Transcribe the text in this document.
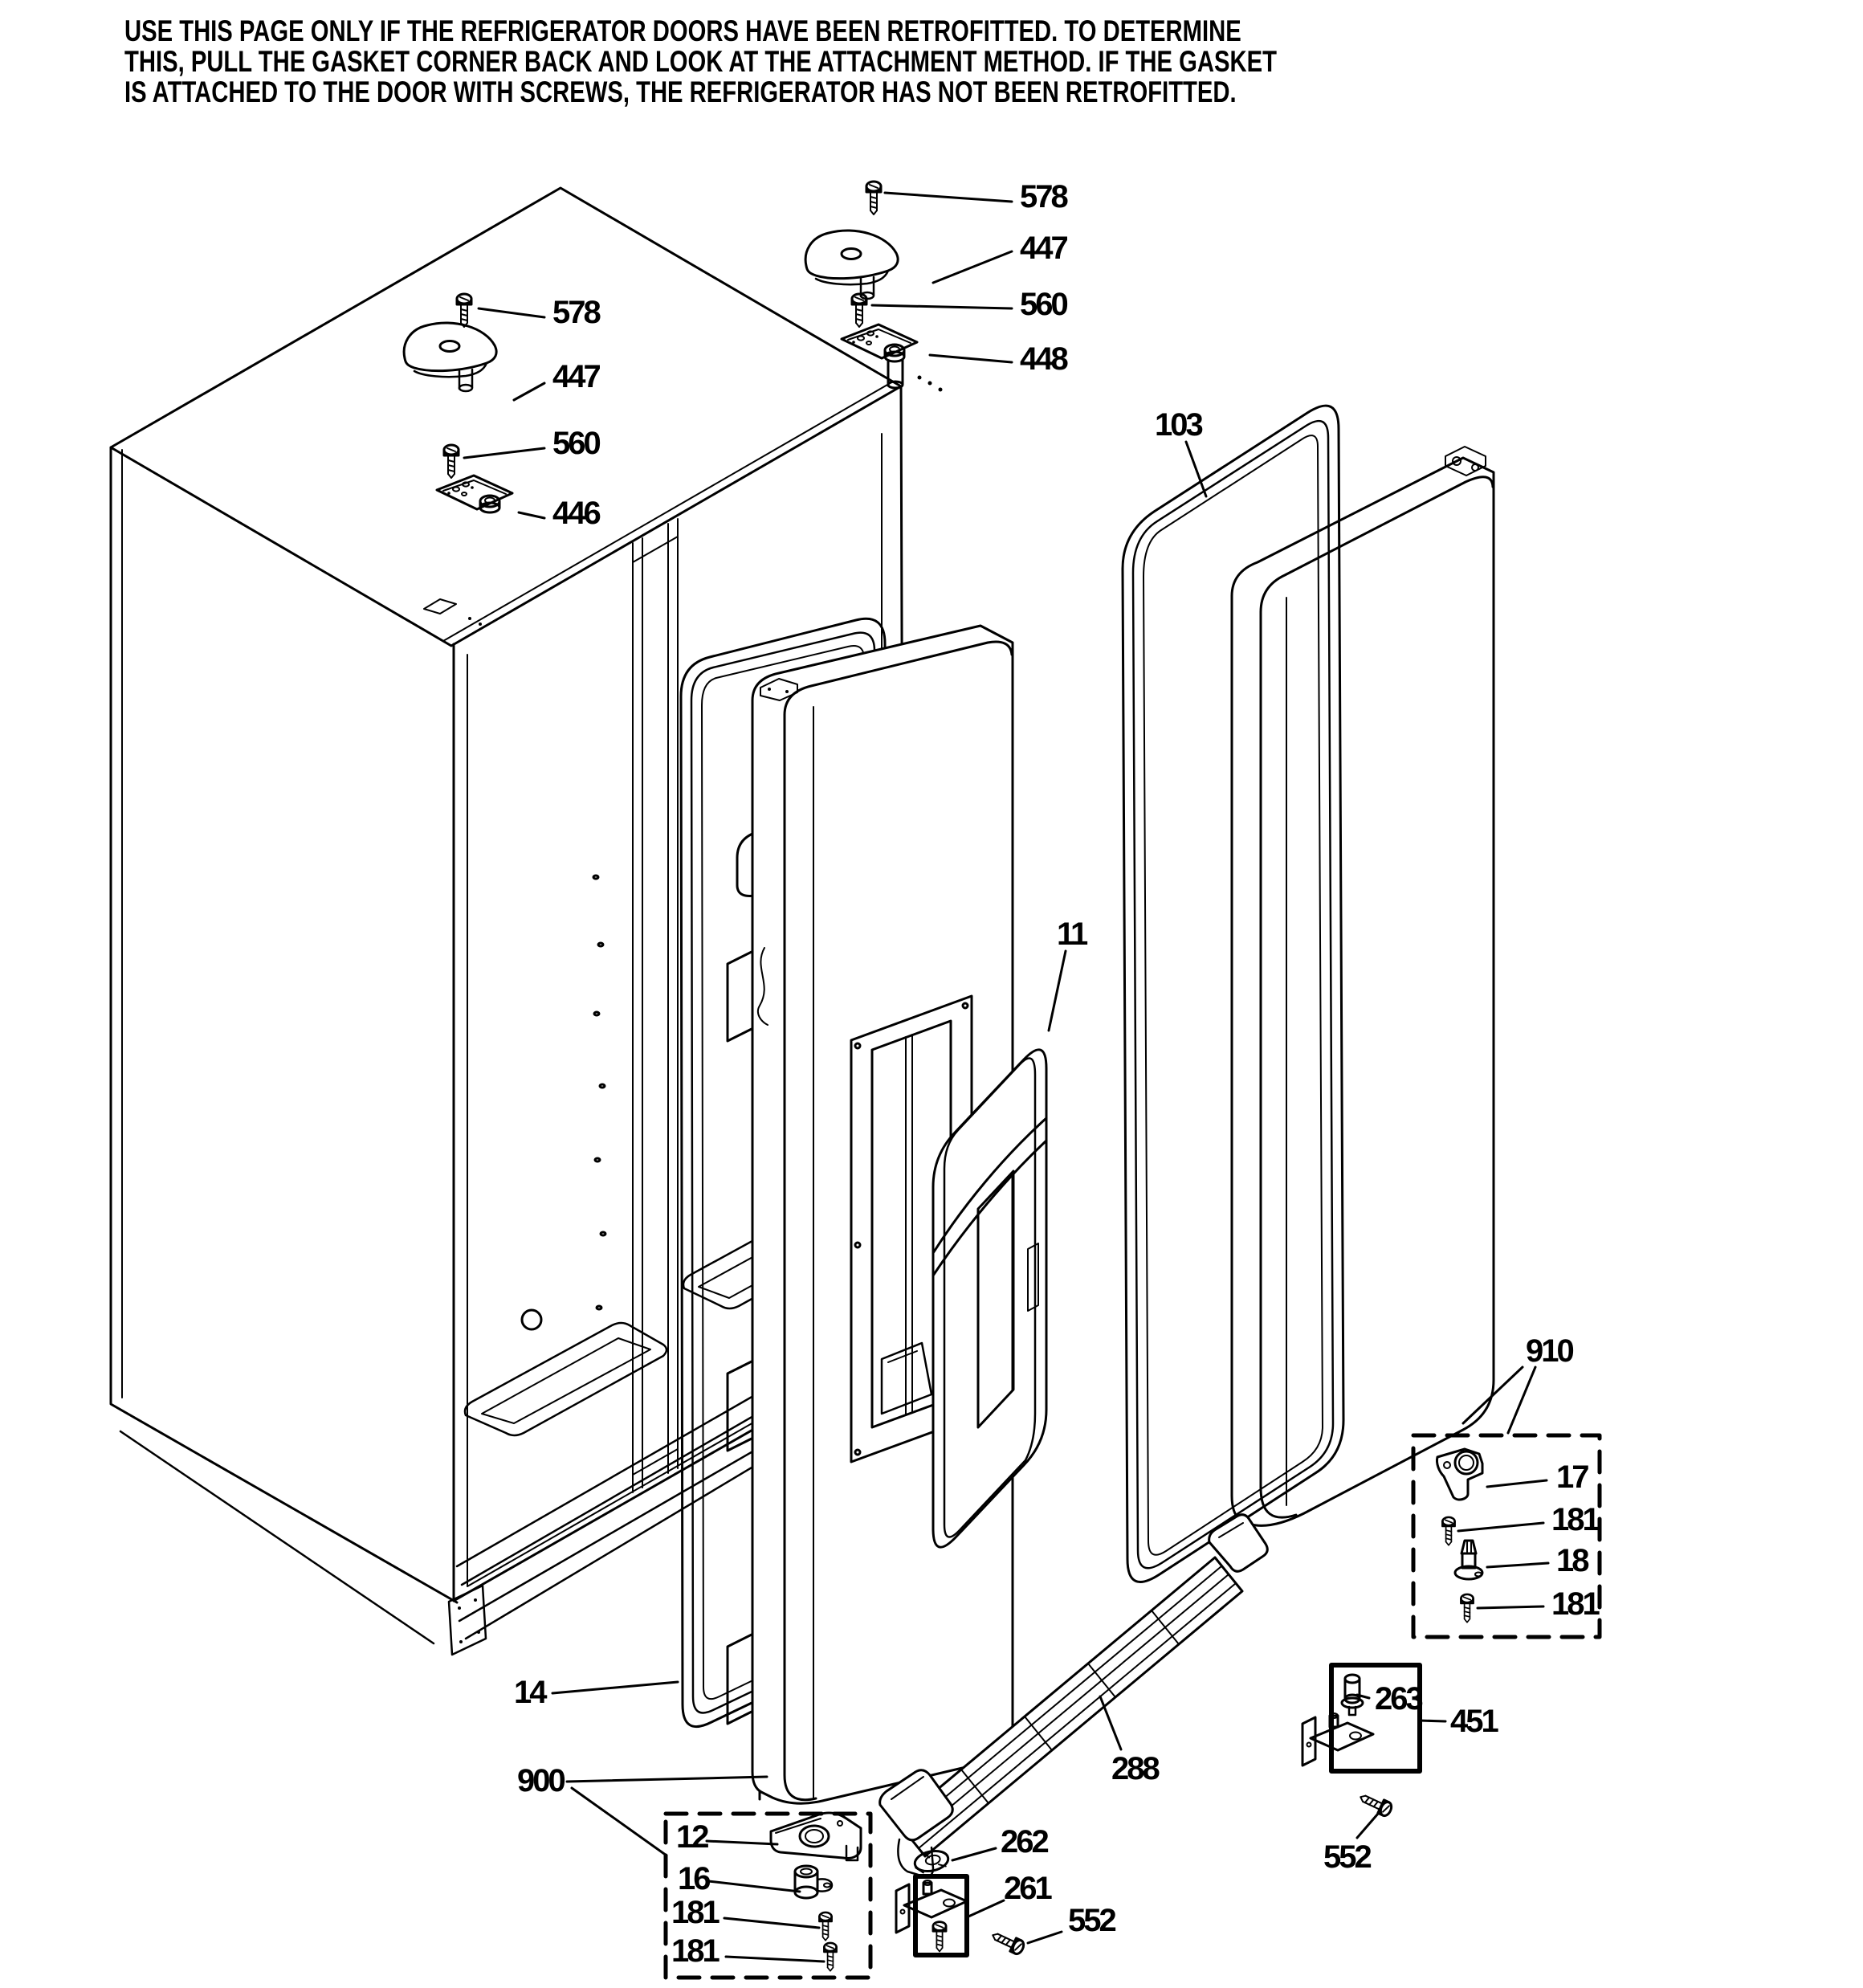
USE THIS PAGE ONLY IF THE REFRIGERATOR DOORS HAVE BEEN RETROFITTED. TO DETERMINE
THIS, PULL THE GASKET CORNER BACK AND LOOK AT THE ATTACHMENT METHOD. IF THE GASKET
IS ATTACHED TO THE DOOR WITH SCREWS, THE REFRIGERATOR HAS NOT BEEN RETROFITTED.
578
447
560
446
578
447
560
448
103
11
910
17
181
18
181
263
451
552
288
262
261
552
14
900
12
16
181
181
